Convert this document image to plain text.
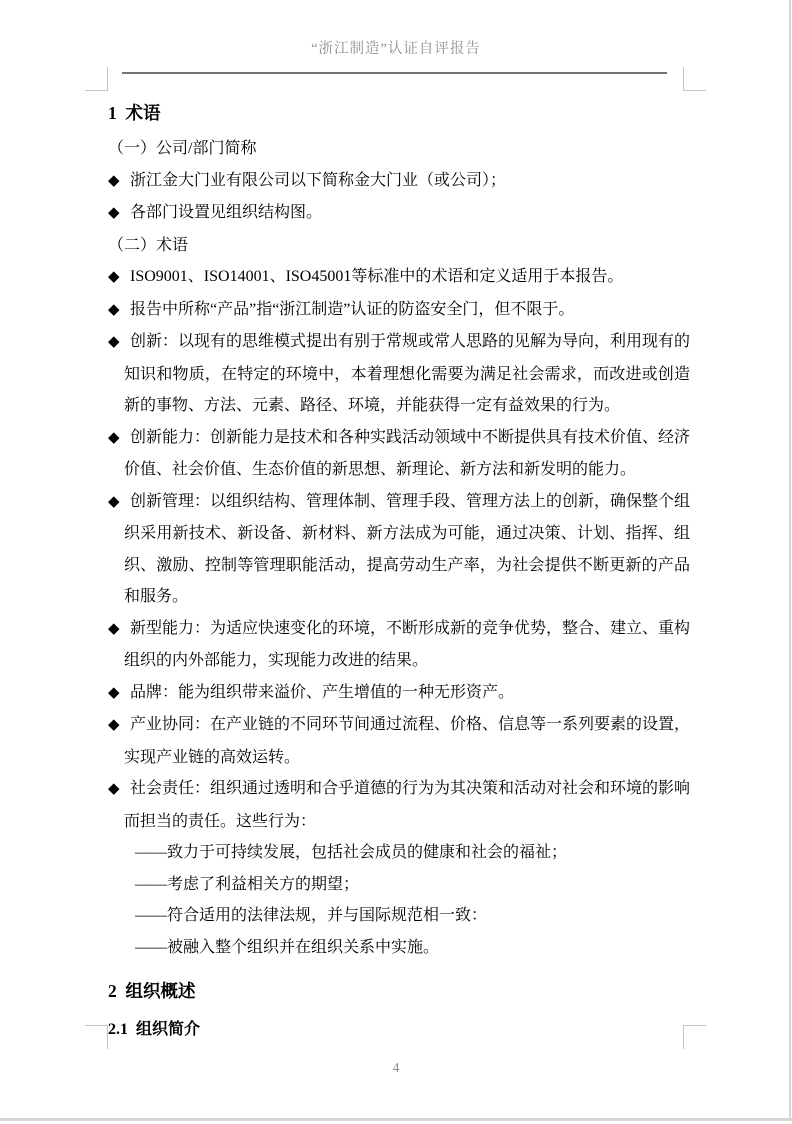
“浙江制造”认证自评报告
1  术语
（一）公司/部门简称
◆ 浙江金大门业有限公司以下简称金大门业（或公司）；
◆ 各部门设置见组织结构图。
（二）术语
◆ ISO9001、ISO14001、ISO45001等标准中的术语和定义适用于本报告。
◆ 报告中所称“产品”指“浙江制造”认证的防盗安全门，但不限于。
◆ 创新：以现有的思维模式提出有别于常规或常人思路的见解为导向，利用现有的知识和物质，在特定的环境中，本着理想化需要为满足社会需求，而改进或创造新的事物、方法、元素、路径、环境，并能获得一定有益效果的行为。
◆ 创新能力：创新能力是技术和各种实践活动领域中不断提供具有技术价值、经济价值、社会价值、生态价值的新思想、新理论、新方法和新发明的能力。
◆ 创新管理：以组织结构、管理体制、管理手段、管理方法上的创新，确保整个组织采用新技术、新设备、新材料、新方法成为可能，通过决策、计划、指挥、组织、激励、控制等管理职能活动，提高劳动生产率，为社会提供不断更新的产品和服务。
◆ 新型能力：为适应快速变化的环境，不断形成新的竞争优势，整合、建立、重构组织的内外部能力，实现能力改进的结果。
◆ 品牌：能为组织带来溢价、产生增值的一种无形资产。
◆ 产业协同：在产业链的不同环节间通过流程、价格、信息等一系列要素的设置，实现产业链的高效运转。
◆ 社会责任：组织通过透明和合乎道德的行为为其决策和活动对社会和环境的影响而担当的责任。这些行为：
——致力于可持续发展，包括社会成员的健康和社会的福祉；
——考虑了利益相关方的期望；
——符合适用的法律法规，并与国际规范相一致：
——被融入整个组织并在组织关系中实施。
2  组织概述
2.1  组织简介
4
